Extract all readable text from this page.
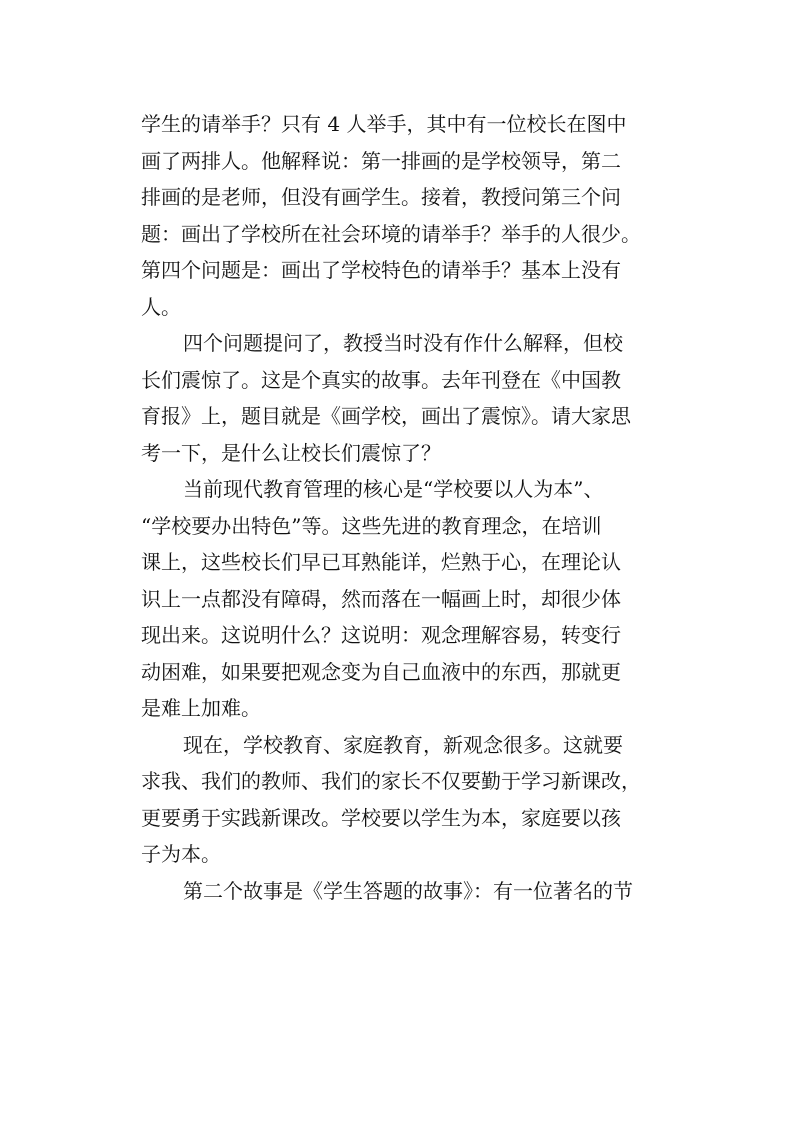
学生的请举手？只有 4 人举手，其中有一位校长在图中
画了两排人。他解释说：第一排画的是学校领导，第二
排画的是老师，但没有画学生。接着，教授问第三个问
题：画出了学校所在社会环境的请举手？举手的人很少。
第四个问题是：画出了学校特色的请举手？基本上没有
人。
四个问题提问了，教授当时没有作什么解释，但校
长们震惊了。这是个真实的故事。去年刊登在《中国教
育报》上，题目就是《画学校，画出了震惊》。请大家思
考一下，是什么让校长们震惊了？
当前现代教育管理的核心是“学校要以人为本”、
“学校要办出特色”等。这些先进的教育理念，在培训
课上，这些校长们早已耳熟能详，烂熟于心，在理论认
识上一点都没有障碍，然而落在一幅画上时，却很少体
现出来。这说明什么？这说明：观念理解容易，转变行
动困难，如果要把观念变为自己血液中的东西，那就更
是难上加难。
现在，学校教育、家庭教育，新观念很多。这就要
求我、我们的教师、我们的家长不仅要勤于学习新课改，
更要勇于实践新课改。学校要以学生为本，家庭要以孩
子为本。
第二个故事是《学生答题的故事》：有一位著名的节
